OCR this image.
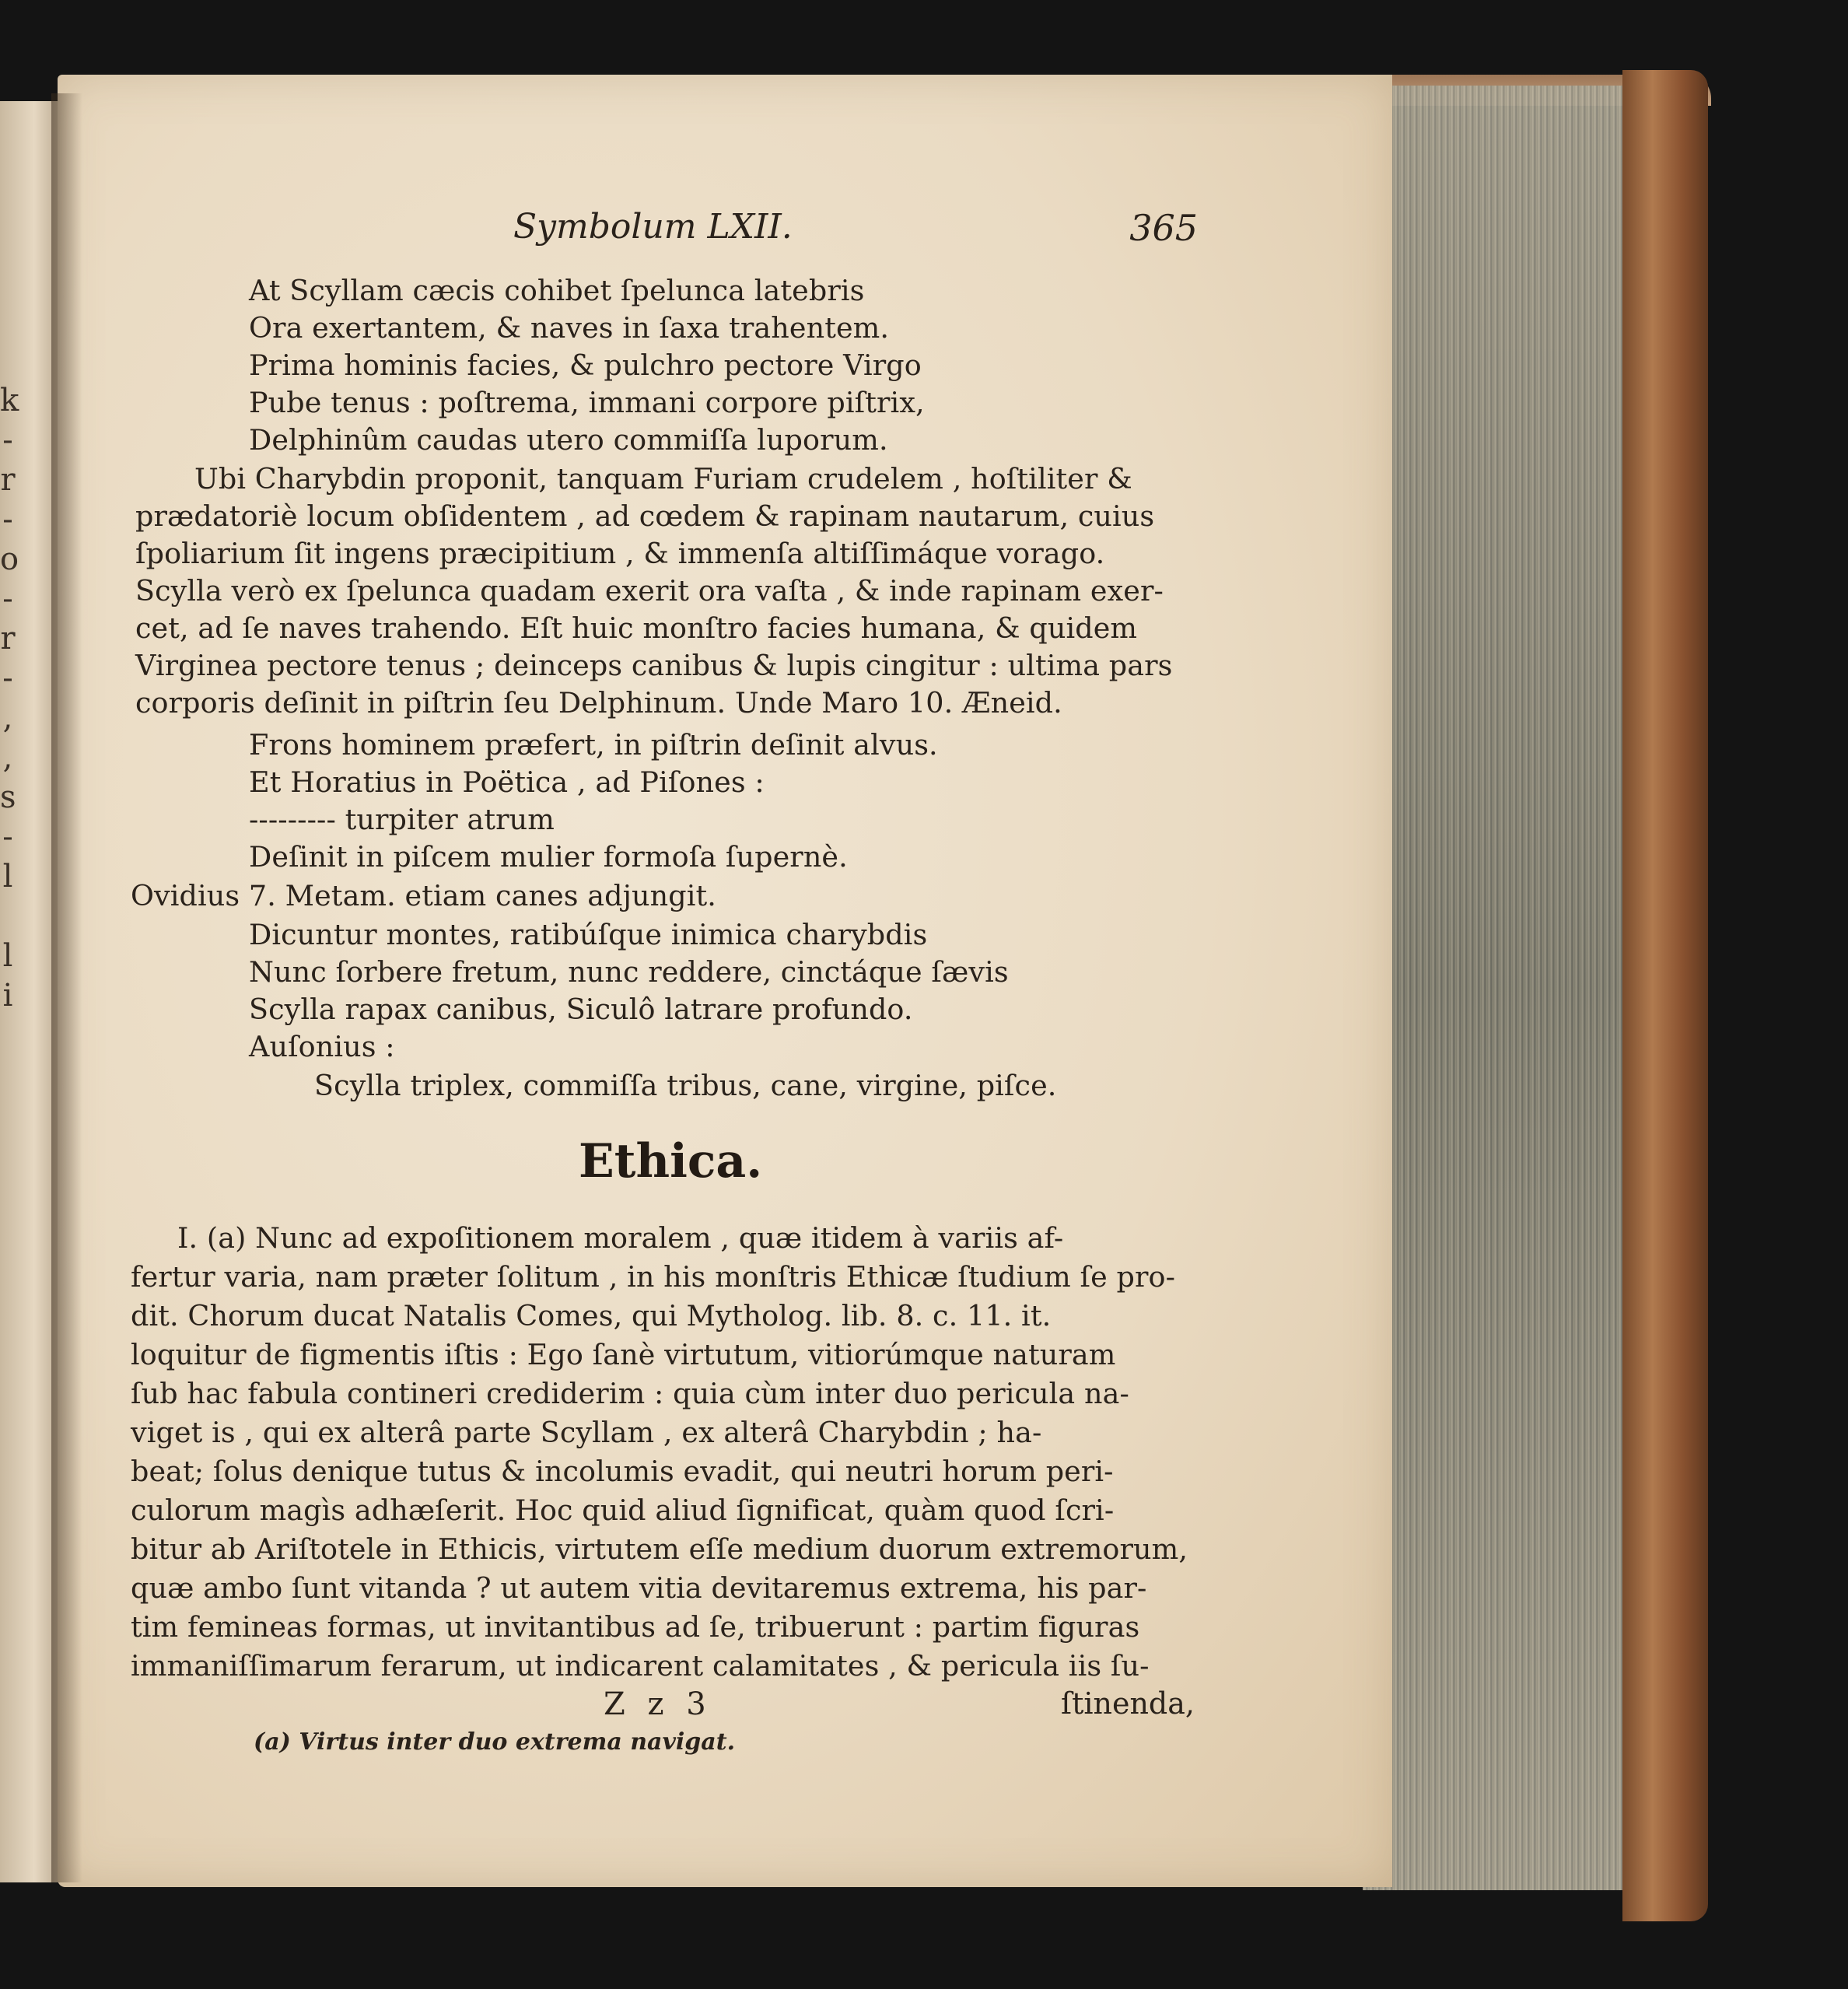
k
-
r
-
o
-
r
-
,
,
s
-
l

l
i
Symbolum LXII.	365
At Scyllam cæcis cohibet ſpelunca latebris
Ora exertantem, & naves in ſaxa trahentem.
Prima hominis facies, & pulchro pectore Virgo
Pube tenus : poſtrema, immani corpore piſtrix,
Delphinûm caudas utero commiſſa luporum.
Ubi Charybdin proponit, tanquam Furiam crudelem , hoſtiliter &
prædatoriè locum obſidentem , ad cœdem & rapinam nautarum, cuius
ſpoliarium ſit ingens præcipitium , & immenſa altiſſimáque vorago.
Scylla verò ex ſpelunca quadam exerit ora vaſta , & inde rapinam exer-
cet, ad ſe naves trahendo. Eſt huic monſtro facies humana, & quidem
Virginea pectore tenus ; deinceps canibus & lupis cingitur : ultima pars
corporis deſinit in piſtrin ſeu Delphinum. Unde Maro 10. Æneid.
Frons hominem præfert, in piſtrin deſinit alvus.
Et Horatius in Poëtica , ad Piſones :
--------- turpiter atrum
Deſinit in piſcem mulier formoſa ſupernè.
Ovidius 7. Metam. etiam canes adjungit.
Dicuntur montes, ratibúſque inimica charybdis
Nunc ſorbere fretum, nunc reddere, cinctáque ſævis
Scylla rapax canibus, Siculô latrare profundo.
Auſonius :
Scylla triplex, commiſſa tribus, cane, virgine, piſce.
I. (a) Nunc ad expoſitionem moralem , quæ itidem à variis af-
fertur varia, nam præter ſolitum , in his monſtris Ethicæ ſtudium ſe pro-
dit. Chorum ducat Natalis Comes, qui Mytholog. lib. 8. c. 11. it.
loquitur de figmentis iſtis : Ego ſanè virtutum, vitiorúmque naturam
ſub hac fabula contineri crediderim : quia cùm inter duo pericula na-
viget is , qui ex alterâ parte Scyllam , ex alterâ Charybdin ; ha-
beat; ſolus denique tutus & incolumis evadit, qui neutri horum peri-
culorum magìs adhæſerit. Hoc quid aliud ſignificat, quàm quod ſcri-
bitur ab Ariſtotele in Ethicis, virtutem eſſe medium duorum extremorum,
quæ ambo ſunt vitanda ? ut autem vitia devitaremus extrema, his par-
tim femineas formas, ut invitantibus ad ſe, tribuerunt : partim figuras
immaniſſimarum ferarum, ut indicarent calamitates , & pericula iis ſu-
Ethica.
Z z 3	ſtinenda,
(a) Virtus inter duo extrema navigat.
